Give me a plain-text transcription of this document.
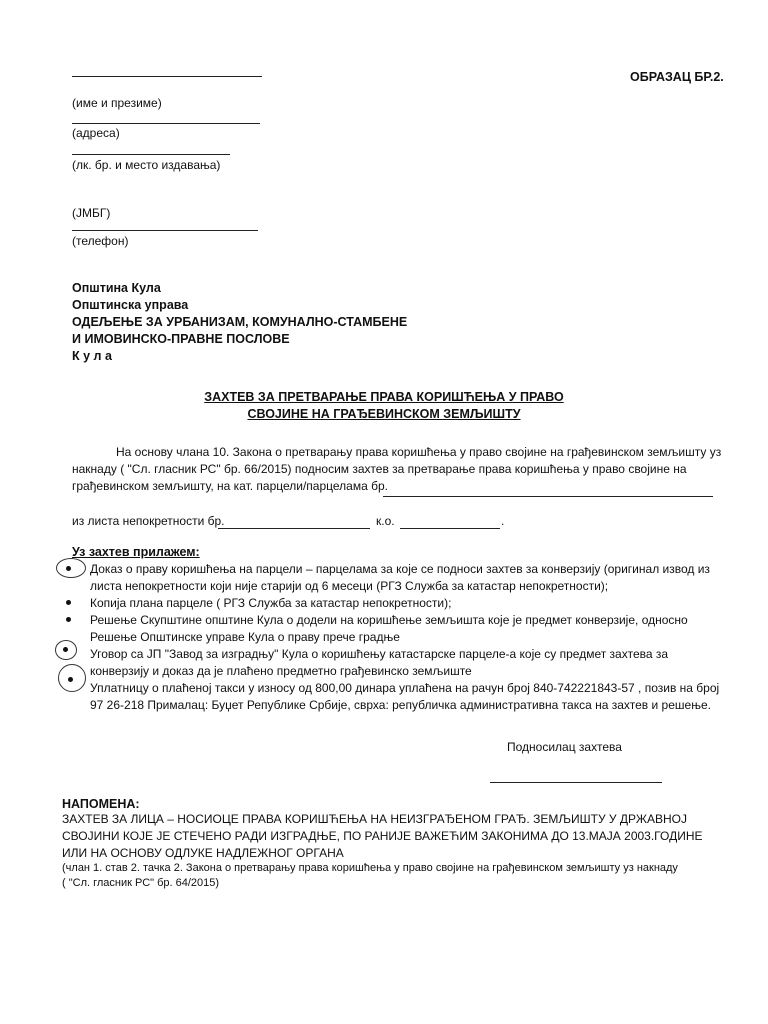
ОБРАЗАЦ БР.2.
(име и презиме)
(адреса)
(лк. бр. и место издавања)
(ЈМБГ)
(телефон)
Општина Кула
Општинска управа
ОДЕЉЕЊЕ ЗА УРБАНИЗАМ, КОМУНАЛНО-СТАМБЕНЕ
И ИМОВИНСКО-ПРАВНЕ ПОСЛОВЕ
К у л а
ЗАХТЕВ ЗА ПРЕТВАРАЊЕ ПРАВА КОРИШЋЕЊА У ПРАВО
СВОЈИНЕ НА ГРАЂЕВИНСКОМ ЗЕМЉИШТУ
На основу члана 10. Закона о претварању права коришћења у право својине на грађевинском земљишту уз
накнаду ( "Сл. гласник РС" бр. 66/2015) подносим захтев за претварање права коришћења у право својине на
грађевинском земљишту, на кат. парцели/парцелама бр.
из листа непокретности бр.	к.о.	.
Уз захтев прилажем:
Доказ о праву коришћења на парцели – парцелама за које се подноси захтев за конверзију (оригинал извод из
листа непокретности који није старији од 6 месеци (РГЗ Служба за катастар непокретности);
Копија плана парцеле ( РГЗ Служба за катастар непокретности);
Решење Скупштине општине Кула о додели на коришћење земљишта које је предмет конверзије, односно
Решење Општинске управе Кула о праву прече градње
Уговор са ЈП "Завод за изградњу" Кула о коришћењу катастарске парцеле-а које су предмет захтева за
конверзију и доказ да је плаћено предметно грађевинско земљиште
Уплатницу о плаћеној такси у износу од 800,00 динара уплаћена на рачун број 840-742221843-57 , позив на број
97 26-218 Прималац: Буџет Републике Србије, сврха: републичка административна такса на захтев и решење.
Подносилац захтева
НАПОМЕНА:
ЗАХТЕВ ЗА ЛИЦА – НОСИОЦЕ ПРАВА КОРИШЋЕЊА НА НЕИЗГРАЂЕНОМ ГРАЂ. ЗЕМЉИШТУ У ДРЖАВНОЈ
СВОЈИНИ КОЈЕ ЈЕ СТЕЧЕНО РАДИ ИЗГРАДЊЕ, ПО РАНИЈЕ ВАЖЕЋИМ ЗАКОНИМА ДО 13.МАЈА 2003.ГОДИНЕ
ИЛИ НА ОСНОВУ ОДЛУКЕ НАДЛЕЖНОГ ОРГАНА
(члан 1. став 2. тачка 2. Закона о претварању права коришћења у право својине на грађевинском земљишту уз накнаду
( "Сл. гласник РС" бр. 64/2015)
